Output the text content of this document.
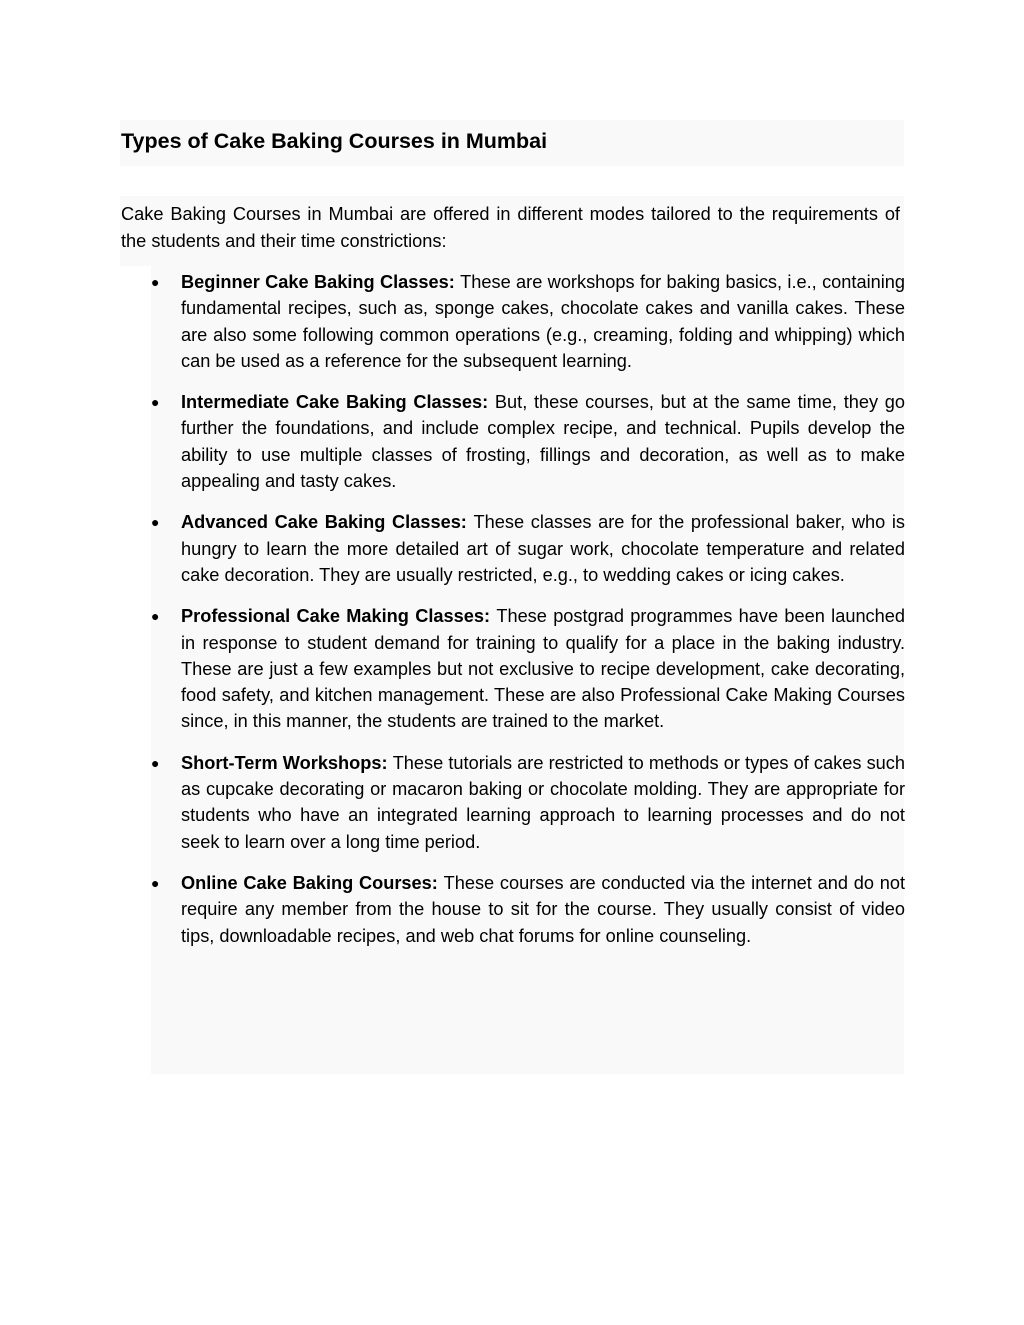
Types of Cake Baking Courses in Mumbai

Cake Baking Courses in Mumbai are offered in different modes tailored to the requirements of the students and their time constrictions:

● Beginner Cake Baking Classes: These are workshops for baking basics, i.e., containing fundamental recipes, such as, sponge cakes, chocolate cakes and vanilla cakes. These are also some following common operations (e.g., creaming, folding and whipping) which can be used as a reference for the subsequent learning.
● Intermediate Cake Baking Classes: But, these courses, but at the same time, they go further the foundations, and include complex recipe, and technical. Pupils develop the ability to use multiple classes of frosting, fillings and decoration, as well as to make appealing and tasty cakes.
● Advanced Cake Baking Classes: These classes are for the professional baker, who is hungry to learn the more detailed art of sugar work, chocolate temperature and related cake decoration. They are usually restricted, e.g., to wedding cakes or icing cakes.
● Professional Cake Making Classes: These postgrad programmes have been launched in response to student demand for training to qualify for a place in the baking industry. These are just a few examples but not exclusive to recipe development, cake decorating, food safety, and kitchen management. These are also Professional Cake Making Courses since, in this manner, the students are trained to the market.
● Short-Term Workshops: These tutorials are restricted to methods or types of cakes such as cupcake decorating or macaron baking or chocolate molding. They are appropriate for students who have an integrated learning approach to learning processes and do not seek to learn over a long time period.
● Online Cake Baking Courses: These courses are conducted via the internet and do not require any member from the house to sit for the course. They usually consist of video tips, downloadable recipes, and web chat forums for online counseling.
